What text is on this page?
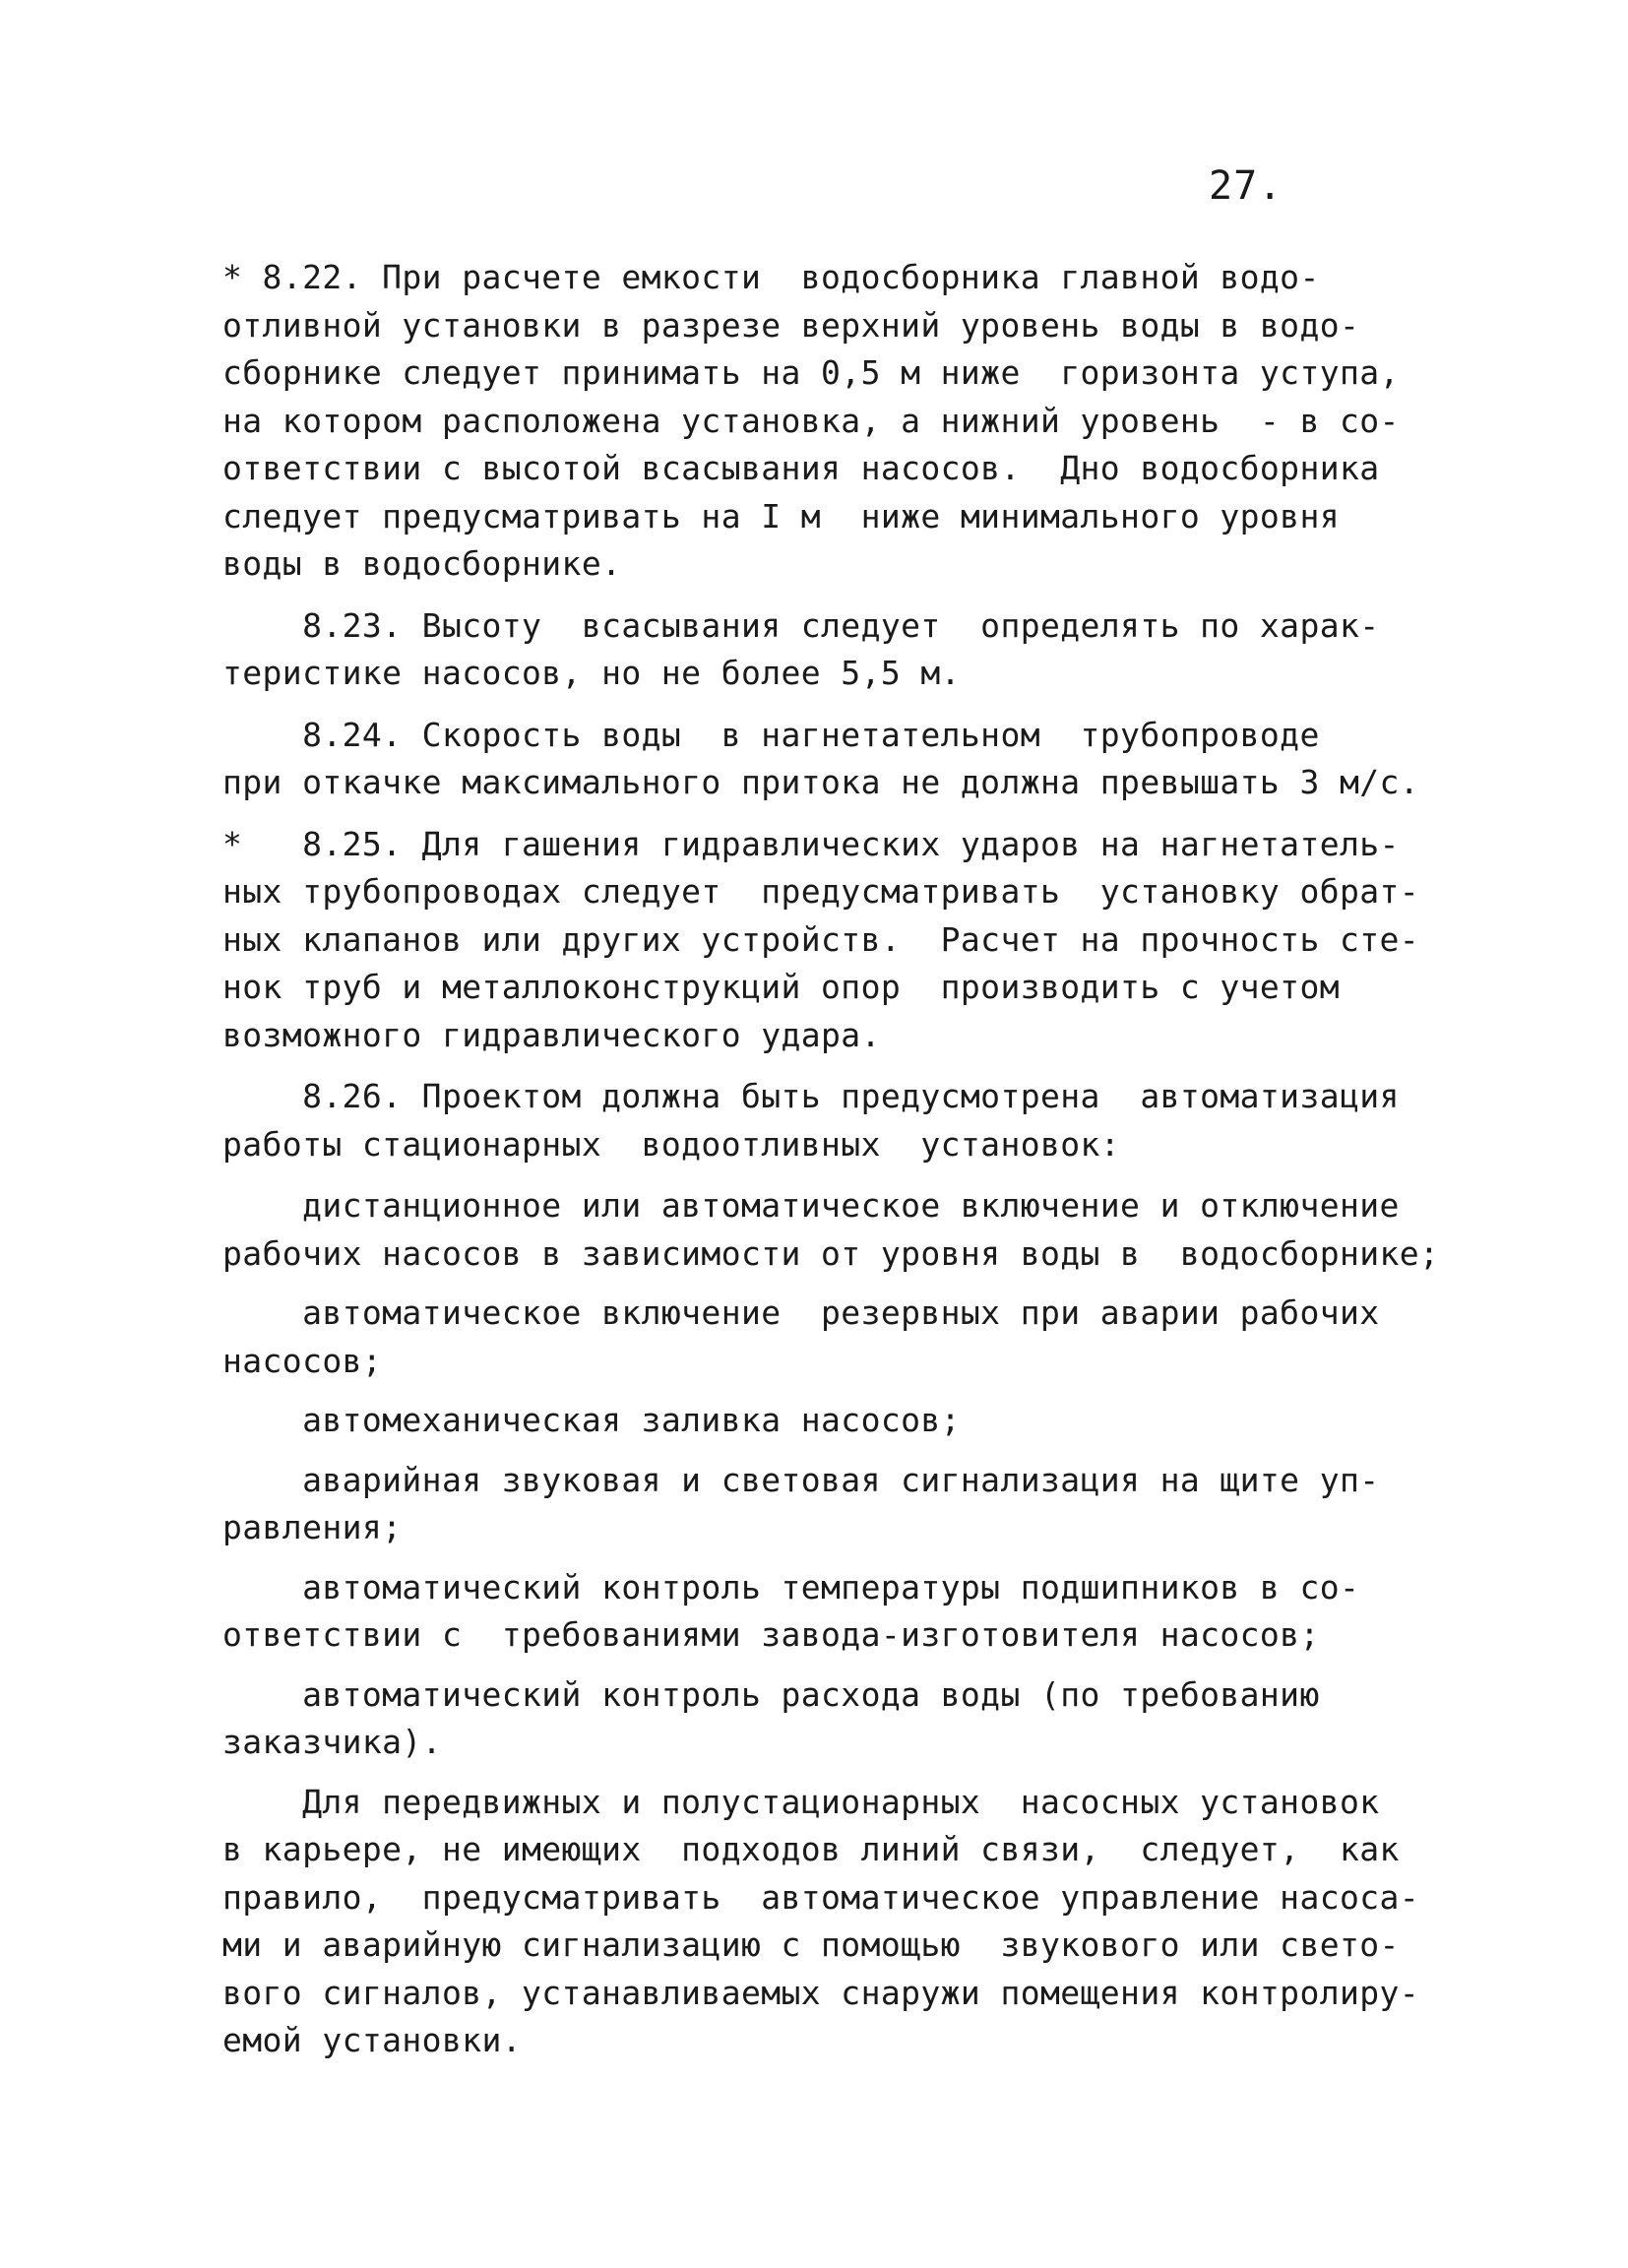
27.
* 8.22. При расчете емкости  водосборника главной водо-
отливной установки в разрезе верхний уровень воды в водо-
сборнике следует принимать на 0,5 м ниже  горизонта уступа,
на котором расположена установка, а нижний уровень  - в со-
ответствии с высотой всасывания насосов.  Дно водосборника
следует предусматривать на I м  ниже минимального уровня
воды в водосборнике.
8.23. Высоту  всасывания следует  определять по харак-
теристике насосов, но не более 5,5 м.
8.24. Скорость воды  в нагнетательном  трубопроводе
при откачке максимального притока не должна превышать 3 м/с.
*   8.25. Для гашения гидравлических ударов на нагнетатель-
ных трубопроводах следует  предусматривать  установку обрат-
ных клапанов или других устройств.  Расчет на прочность сте-
нок труб и металлоконструкций опор  производить с учетом
возможного гидравлического удара.
8.26. Проектом должна быть предусмотрена  автоматизация
работы стационарных  водоотливных  установок:
дистанционное или автоматическое включение и отключение
рабочих насосов в зависимости от уровня воды в  водосборнике;
автоматическое включение  резервных при аварии рабочих
насосов;
автомеханическая заливка насосов;
аварийная звуковая и световая сигнализация на щите уп-
равления;
автоматический контроль температуры подшипников в со-
ответствии с  требованиями завода-изготовителя насосов;
автоматический контроль расхода воды (по требованию
заказчика).
Для передвижных и полустационарных  насосных установок
в карьере, не имеющих  подходов линий связи,  следует,  как
правило,  предусматривать  автоматическое управление насоса-
ми и аварийную сигнализацию с помощью  звукового или свето-
вого сигналов, устанавливаемых снаружи помещения контролиру-
емой установки.
